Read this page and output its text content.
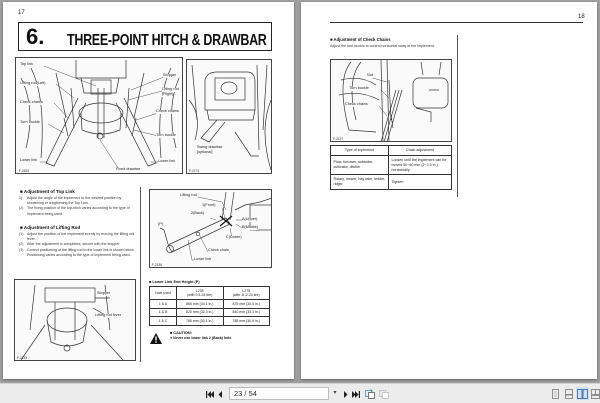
17
6. THREE-POINT HITCH & DRAWBAR
Top link
Lifting rod(Left)
Check chains
Turn buckle
Lower link
Stopper
Lifting rod
(Right)
Check chains
Turn buckle
Lower link
Fixed drawbar
F-2434
Swing drawbar
[optional]
F-2173
■ Adjustment of Top Link
1)	Adjust the angle of the implement to the desired position by shortening or lengthening the Top Link.
(2) The fixing position of the top-hitch varies according to the type of implement being used.
■ Adjustment of Lifting Rod
(1) Adjust the position of the implement evenly by moving the lifting rod lever.
(2) After the adjustment is completed, secure with the stopper.
(3) Correct positioning of the lifting rod to the lower link is shown below. Positioning varies according to the type of implement being used.
Stopper
Lifting rod lever
F-2135
Lifting rod
1(Front)
2(Back)
A(Upper)
B(Middle)
C(Lower)
Check chain
Lower link
(P)
F-2136
■ Lower Link End Height (P)
Hole used	L235
(with 9.5-24 tire)	L275
(with 11.2-24 tire)
1 & A	865 mm (34.1 in.)	875 mm (34.4 in.)
1 & B	820 mm (32.3 in.)	840 mm (33.1 in.)
1 & C	765 mm (30.1 in.)	785 mm (30.9 in.)
■ CAUTION:
● Never use lower link 2 (Back) hole.
18
■ Adjustment of Check Chains
Adjust the turn-buckle to control horizontal sway of the implement.
Nut
Turn buckle
Check chains
F-2137
Type of implement	Chain adjustment
Plow, furrower, subsoiler, cultivator, ditcher	Loosen until the implement can be moved 50~60 mm (2~2.5 in.) horizontally.
Rotary, mower, hay rake, tedder, ridger	Tighten
23 / 54	▾
